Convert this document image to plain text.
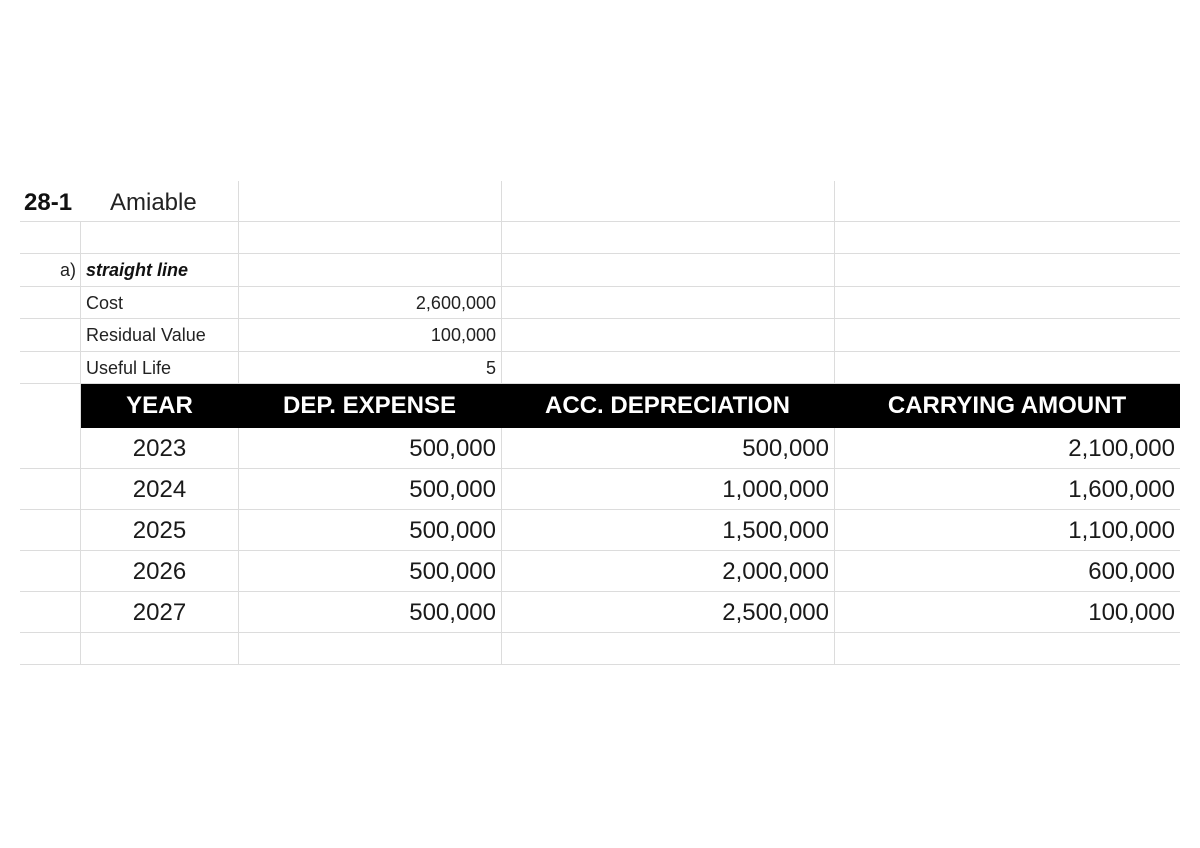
28-1 Amiable
a) straight line
Cost	2,600,000
Residual Value	100,000
Useful Life	5
YEAR	DEP. EXPENSE	ACC. DEPRECIATION	CARRYING AMOUNT
2023	500,000	500,000	2,100,000
2024	500,000	1,000,000	1,600,000
2025	500,000	1,500,000	1,100,000
2026	500,000	2,000,000	600,000
2027	500,000	2,500,000	100,000
